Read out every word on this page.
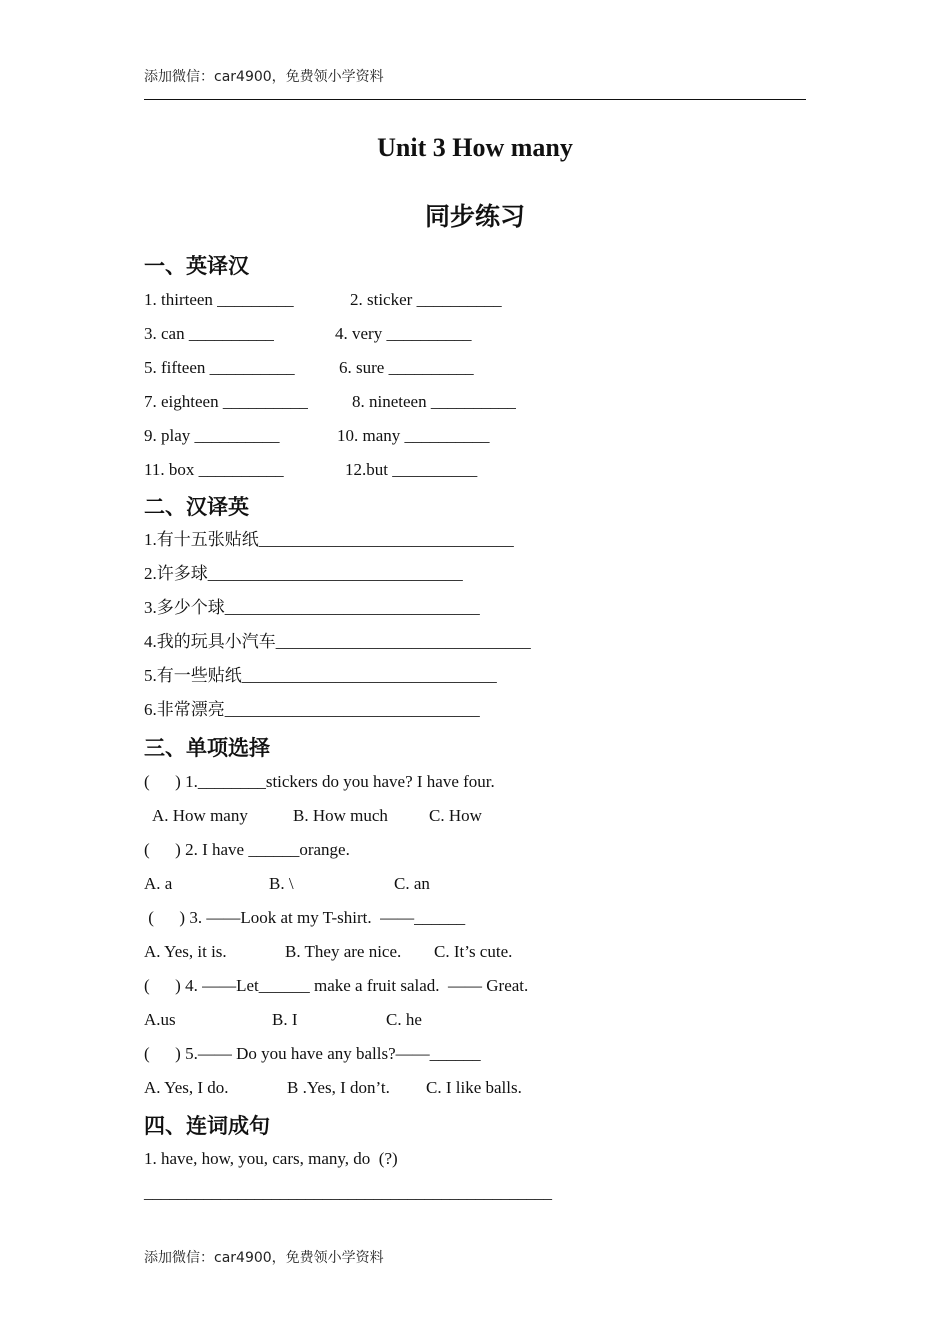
添加微信：car4900，免费领小学资料
Unit 3 How many
同步练习
一、英译汉
1. thirteen _________	2. sticker __________
3. can __________	4. very __________
5. fifteen __________	6. sure __________
7. eighteen __________	8. nineteen __________
9. play __________	10. many __________
11. box __________	12.but __________
二、汉译英
1.有十五张贴纸______________________________
2.许多球______________________________
3.多少个球______________________________
4.我的玩具小汽车______________________________
5.有一些贴纸______________________________
6.非常漂亮______________________________
三、单项选择
(      ) 1.________stickers do you have? I have four.
A. How many	B. How much C. How
(      ) 2. I have ______orange.
A. a	B. \	C. an
(      ) 3. ——Look at my T-shirt.  ——______
A. Yes, it is.	B. They are nice. C. It’s cute.
(      ) 4. ——Let______ make a fruit salad.  —— Great.
A.us	B. I	C. he
(      ) 5.—— Do you have any balls?——______
A. Yes, I do.	B .Yes, I don’t. C. I like balls.
四、连词成句
1. have, how, you, cars, many, do  (?)
________________________________________________
添加微信：car4900，免费领小学资料
